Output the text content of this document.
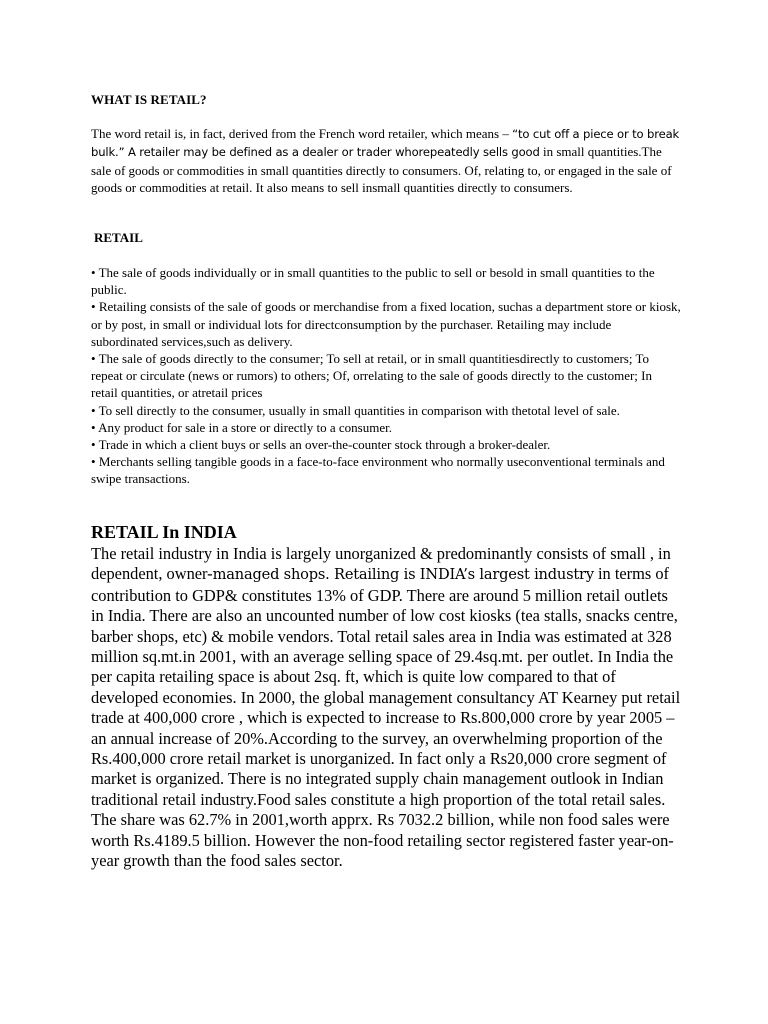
WHAT IS RETAIL?

The word retail is, in fact, derived from the French word retailer, which means – “to cut off a piece or to break bulk.” A retailer may be defined as a dealer or trader whorepeatedly sells good in small quantities.The sale of goods or commodities in small quantities directly to consumers. Of, relating to, or engaged in the sale of goods or commodities at retail. It also means to sell insmall quantities directly to consumers.

RETAIL
• The sale of goods individually or in small quantities to the public to sell or besold in small quantities to the public.
• Retailing consists of the sale of goods or merchandise from a fixed location, suchas a department store or kiosk, or by post, in small or individual lots for directconsumption by the purchaser. Retailing may include subordinated services,such as delivery.
• The sale of goods directly to the consumer; To sell at retail, or in small quantitiesdirectly to customers; To repeat or circulate (news or rumors) to others; Of, orrelating to the sale of goods directly to the customer; In retail quantities, or atretail prices
• To sell directly to the consumer, usually in small quantities in comparison with thetotal level of sale.
• Any product for sale in a store or directly to a consumer.
• Trade in which a client buys or sells an over-the-counter stock through a broker-dealer.
• Merchants selling tangible goods in a face-to-face environment who normally useconventional terminals and swipe transactions.
RETAIL In INDIA

The retail industry in India is largely unorganized & predominantly consists of small , in dependent, owner-managed shops. Retailing is INDIA’s largest industry in terms of contribution to GDP& constitutes 13% of GDP. There are around 5 million retail outlets in India. There are also an uncounted number of low cost kiosks (tea stalls, snacks centre, barber shops, etc) & mobile vendors. Total retail sales area in India was estimated at 328 million sq.mt.in 2001, with an average selling space of 29.4sq.mt. per outlet. In India the per capita retailing space is about 2sq. ft, which is quite low compared to that of developed economies. In 2000, the global management consultancy AT Kearney put retail trade at 400,000 crore , which is expected to increase to Rs.800,000 crore by year 2005 – an annual increase of 20%.According to the survey, an overwhelming proportion of the Rs.400,000 crore retail market is unorganized. In fact only a Rs20,000 crore segment of market is organized. There is no integrated supply chain management outlook in Indian traditional retail industry.Food sales constitute a high proportion of the total retail sales. The share was 62.7% in 2001,worth apprx. Rs 7032.2 billion, while non food sales were worth Rs.4189.5 billion. However the non-food retailing sector registered faster year-on-year growth than the food sales sector.
